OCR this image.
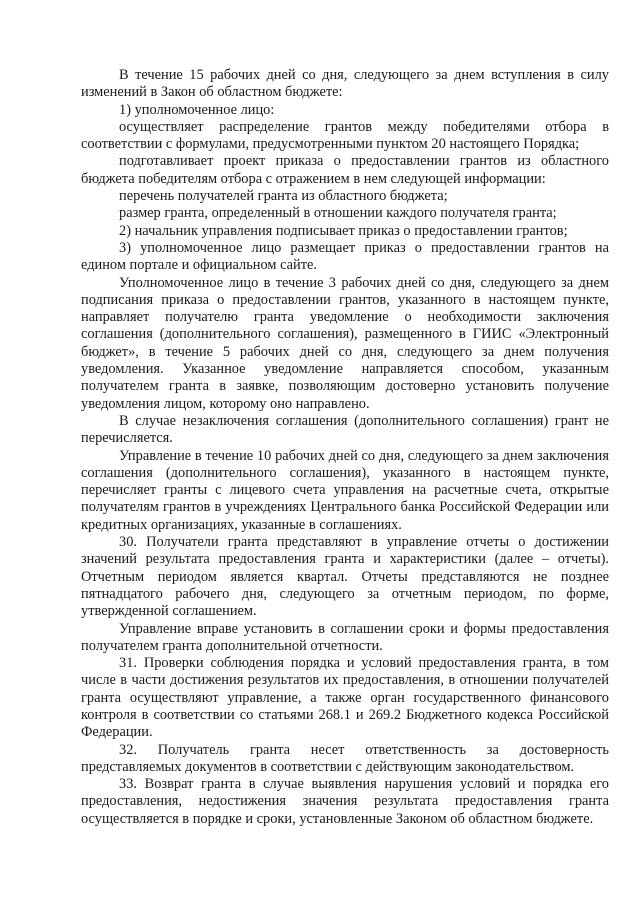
В течение 15 рабочих дней со дня, следующего за днем вступления в силу изменений в Закон об областном бюджете:

1) уполномоченное лицо:

осуществляет распределение грантов между победителями отбора в соответствии с формулами, предусмотренными пунктом 20 настоящего Порядка;

подготавливает проект приказа о предоставлении грантов из областного бюджета победителям отбора с отражением в нем следующей информации:

перечень получателей гранта из областного бюджета;

размер гранта, определенный в отношении каждого получателя гранта;

2) начальник управления подписывает приказ о предоставлении грантов;

3) уполномоченное лицо размещает приказ о предоставлении грантов на едином портале и официальном сайте.

Уполномоченное лицо в течение 3 рабочих дней со дня, следующего за днем подписания приказа о предоставлении грантов, указанного в настоящем пункте, направляет получателю гранта уведомление о необходимости заключения соглашения (дополнительного соглашения), размещенного в ГИИС «Электронный бюджет», в течение 5 рабочих дней со дня, следующего за днем получения уведомления. Указанное уведомление направляется способом, указанным получателем гранта в заявке, позволяющим достоверно установить получение уведомления лицом, которому оно направлено.

В случае незаключения соглашения (дополнительного соглашения) грант не перечисляется.

Управление в течение 10 рабочих дней со дня, следующего за днем заключения соглашения (дополнительного соглашения), указанного в настоящем пункте, перечисляет гранты с лицевого счета управления на расчетные счета, открытые получателям грантов в учреждениях Центрального банка Российской Федерации или кредитных организациях, указанные в соглашениях.

30. Получатели гранта представляют в управление отчеты о достижении значений результата предоставления гранта и характеристики (далее – отчеты). Отчетным периодом является квартал. Отчеты представляются не позднее пятнадцатого рабочего дня, следующего за отчетным периодом, по форме, утвержденной соглашением.

Управление вправе установить в соглашении сроки и формы предоставления получателем гранта дополнительной отчетности.

31. Проверки соблюдения порядка и условий предоставления гранта, в том числе в части достижения результатов их предоставления, в отношении получателей гранта осуществляют управление, а также орган государственного финансового контроля в соответствии со статьями 268.1 и 269.2 Бюджетного кодекса Российской Федерации.

32. Получатель гранта несет ответственность за достоверность представляемых документов в соответствии с действующим законодательством.

33. Возврат гранта в случае выявления нарушения условий и порядка его предоставления, недостижения значения результата предоставления гранта осуществляется в порядке и сроки, установленные Законом об областном бюджете.
